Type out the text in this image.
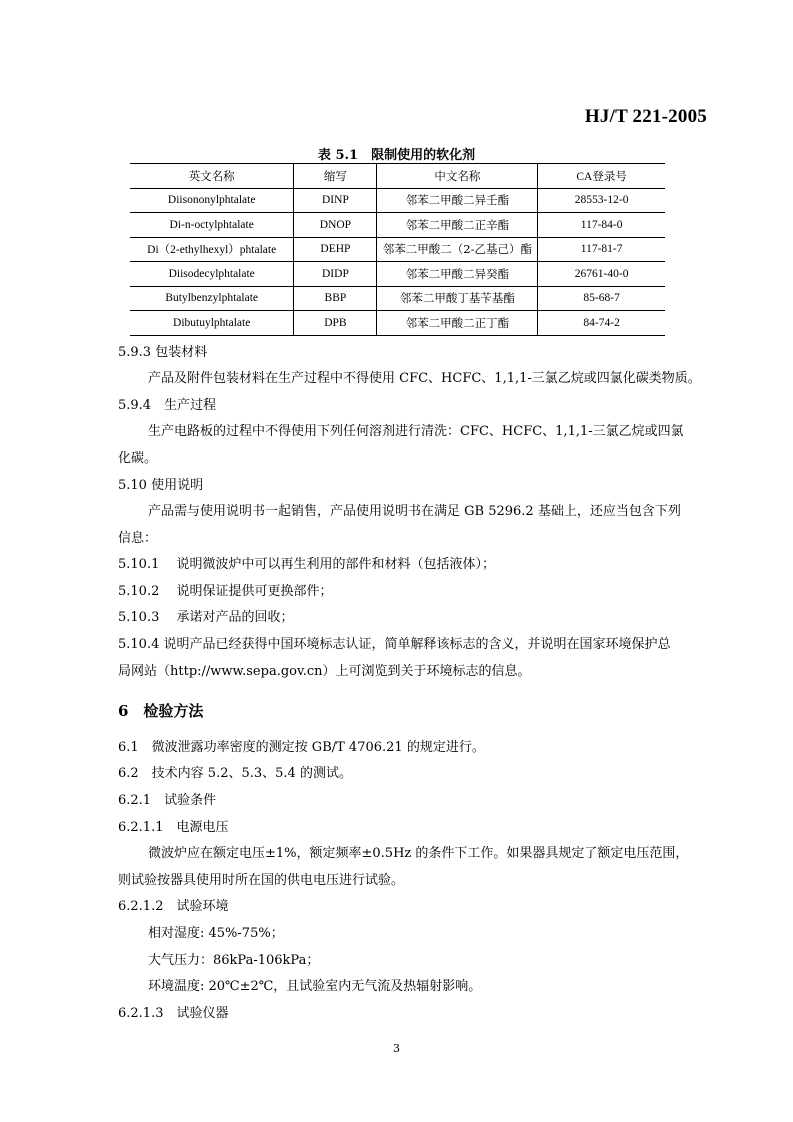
HJ/T 221-2005
表 5.1　限制使用的软化剂
英文名称	缩写	中文名称	CA登录号
Diisononylphtalate	DINP	邻苯二甲酸二异壬酯	28553-12-0
Di-n-octylphtalate	DNOP	邻苯二甲酸二正辛酯	117-84-0
Di（2-ethylhexyl）phtalate	DEHP	邻苯二甲酸二（2-乙基己）酯	117-81-7
Diisodecylphtalate	DIDP	邻苯二甲酸二异癸酯	26761-40-0
Butylbenzylphtalate	BBP	邻苯二甲酸丁基苄基酯	85-68-7
Dibutuylphtalate	DPB	邻苯二甲酸二正丁酯	84-74-2
5.9.3 包装材料
产品及附件包装材料在生产过程中不得使用 CFC、HCFC、1,1,1-三氯乙烷或四氯化碳类物质。
5.9.4　生产过程
生产电路板的过程中不得使用下列任何溶剂进行清洗：CFC、HCFC、1,1,1-三氯乙烷或四氯
化碳。
5.10 使用说明
产品需与使用说明书一起销售，产品使用说明书在满足 GB 5296.2 基础上，还应当包含下列
信息：
5.10.1　 说明微波炉中可以再生利用的部件和材料（包括液体）；
5.10.2　 说明保证提供可更换部件；
5.10.3　 承诺对产品的回收；
5.10.4 说明产品已经获得中国环境标志认证，简单解释该标志的含义，并说明在国家环境保护总
局网站（http://www.sepa.gov.cn）上可浏览到关于环境标志的信息。
6　检验方法
6.1　微波泄露功率密度的测定按 GB/T 4706.21 的规定进行。
6.2　技术内容 5.2、5.3、5.4 的测试。
6.2.1　试验条件
6.2.1.1　电源电压
微波炉应在额定电压±1%，额定频率±0.5Hz 的条件下工作。如果器具规定了额定电压范围，
则试验按器具使用时所在国的供电电压进行试验。
6.2.1.2　试验环境
相对湿度: 45%-75%；
大气压力：86kPa-106kPa；
环境温度: 20℃±2℃，且试验室内无气流及热辐射影响。
6.2.1.3　试验仪器
3
